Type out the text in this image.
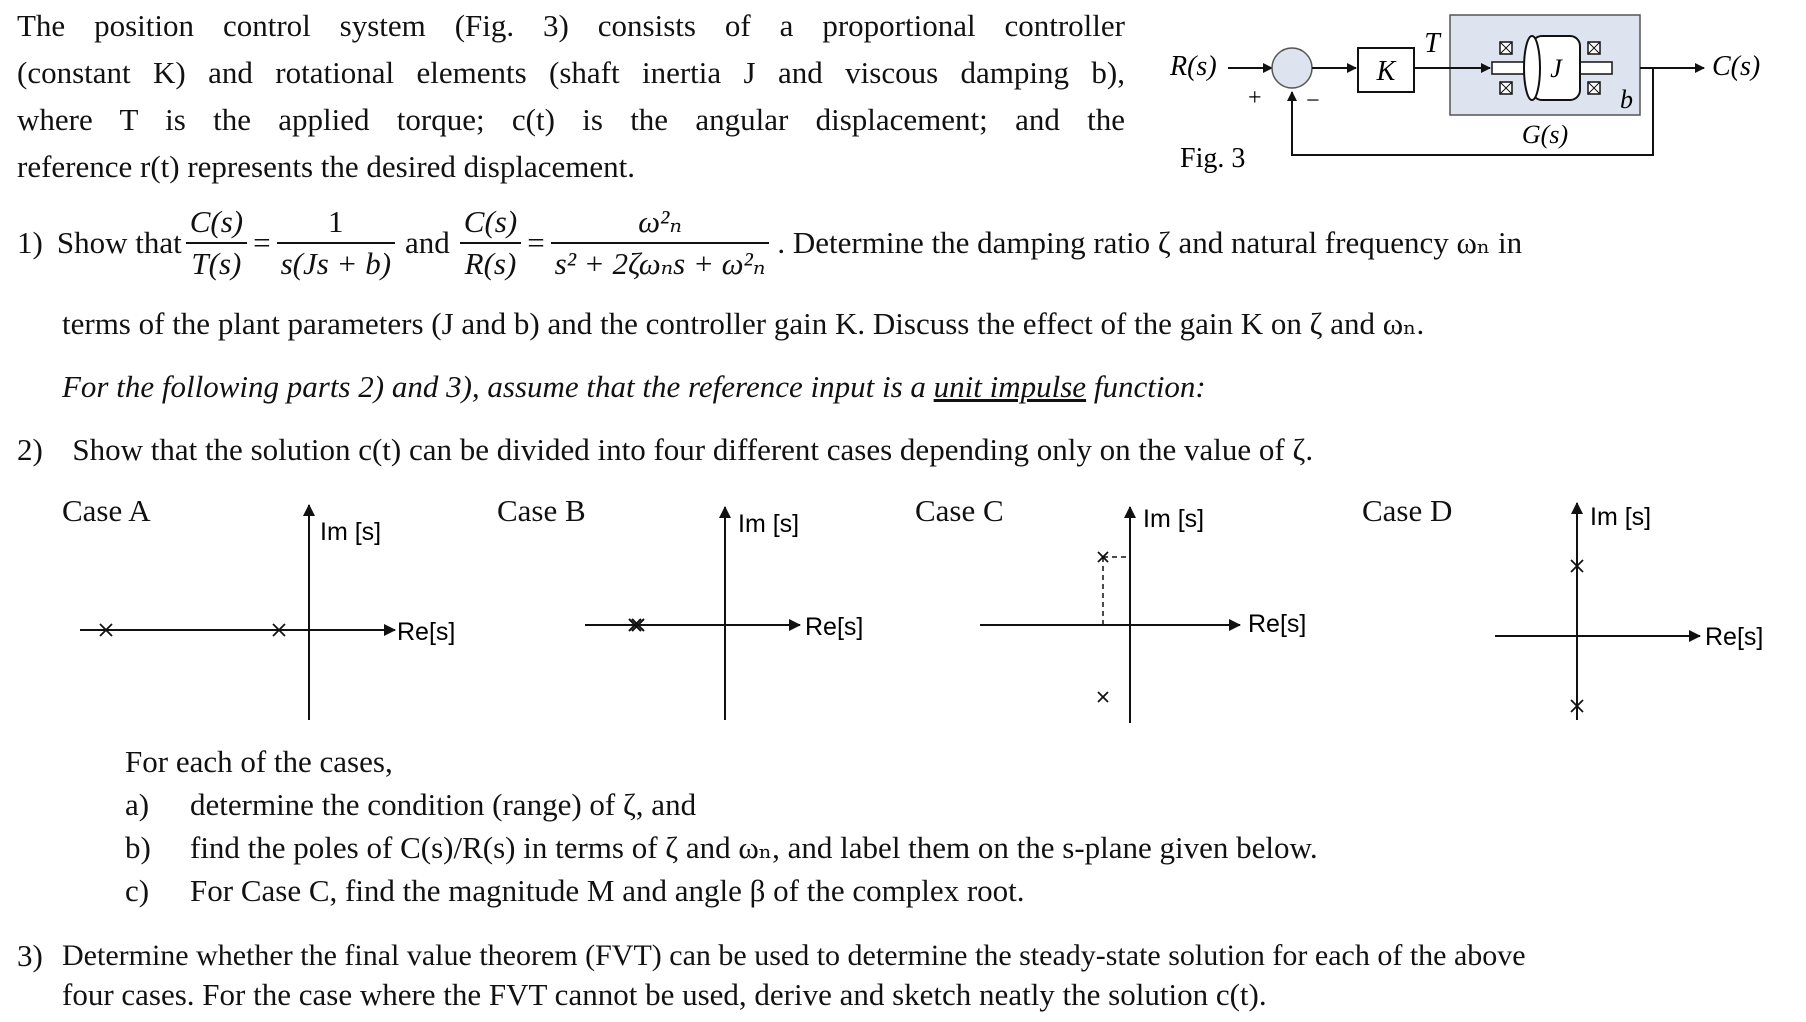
The position control system (Fig. 3) consists of a proportional controller
(constant K) and rotational elements (shaft inertia J and viscous damping b),
where T is the applied torque; c(t) is the angular displacement; and the
reference r(t) represents the desired displacement.
R(s)
+ −
K
T
J
b
C(s)
G(s)
Fig. 3
1) Show that $\frac{C(s)}{T(s)} = \frac{1}{s(Js + b)}$ and $\frac{C(s)}{R(s)} = \frac{\text{ω²ₙ}}{\text{s² + 2ζωₙs + ω²ₙ}}$ . Determine the damping ratio ζ and natural frequency ωₙ in
terms of the plant parameters (J and b) and the controller gain K. Discuss the effect of the gain K on ζ and ωₙ.
For the following parts 2) and 3), assume that the reference input is a unit impulse function:
2) Show that the solution c(t) can be divided into four different cases depending only on the value of ζ.
Case A	Case B	Case C	Case D
Im [s]
Re[s]
Im [s]
Re[s]
Im [s]
Re[s]
Im [s]
Re[s]
For each of the cases,
a) determine the condition (range) of ζ, and
b) find the poles of C(s)/R(s) in terms of ζ and ωₙ, and label them on the s-plane given below.
c) For Case C, find the magnitude M and angle β of the complex root.
3) Determine whether the final value theorem (FVT) can be used to determine the steady-state solution for each of the above
four cases. For the case where the FVT cannot be used, derive and sketch neatly the solution c(t).
